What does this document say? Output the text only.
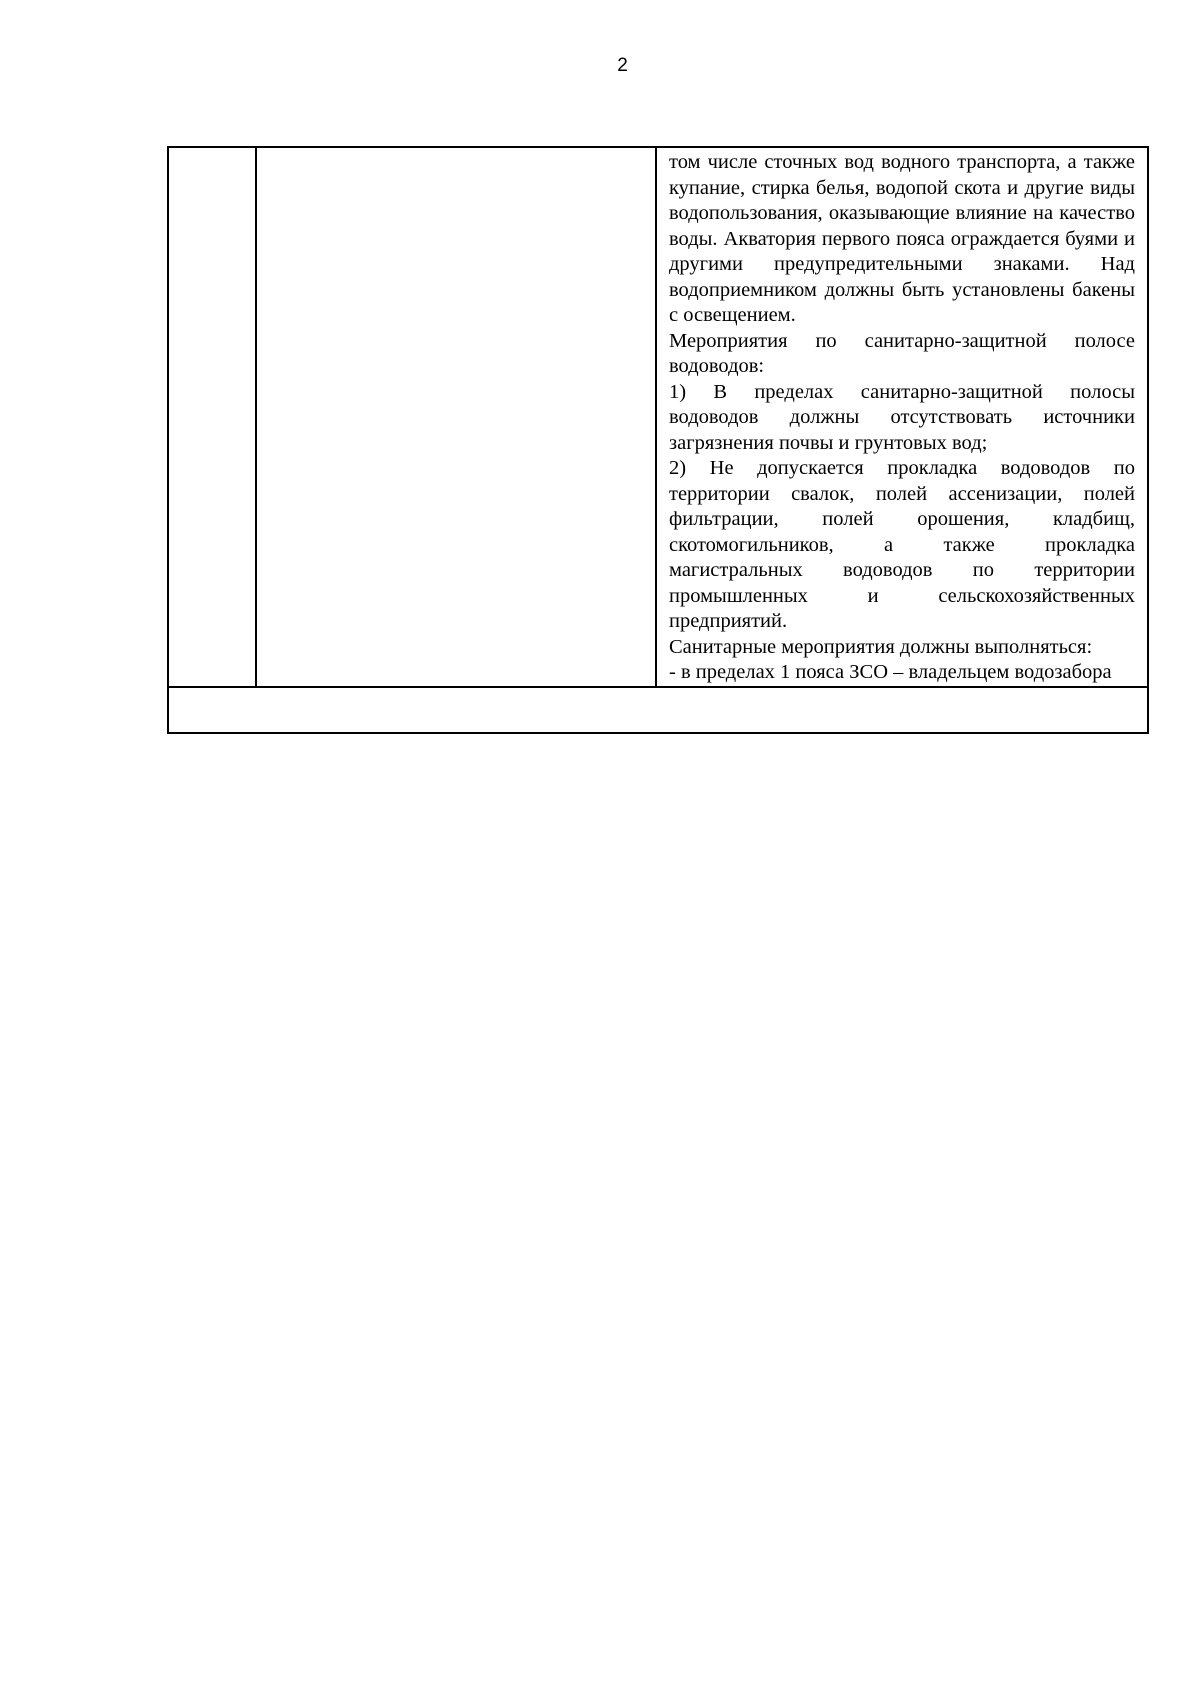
2

том числе сточных вод водного транспорта, а также купание, стирка белья, водопой скота и другие виды водопользования, оказывающие влияние на качество воды. Акватория первого пояса ограждается буями и другими предупредительными знаками. Над водоприемником должны быть установлены бакены с освещением.

Мероприятия по санитарно-защитной полосе водоводов:

1) В пределах санитарно-защитной полосы водоводов должны отсутствовать источники загрязнения почвы и грунтовых вод;

2) Не допускается прокладка водоводов по территории свалок, полей ассенизации, полей фильтрации, полей орошения, кладбищ, скотомогильников, а также прокладка магистральных водоводов по территории промышленных и сельскохозяйственных предприятий.

Санитарные мероприятия должны выполняться:

- в пределах 1 пояса ЗСО – владельцем водозабора
